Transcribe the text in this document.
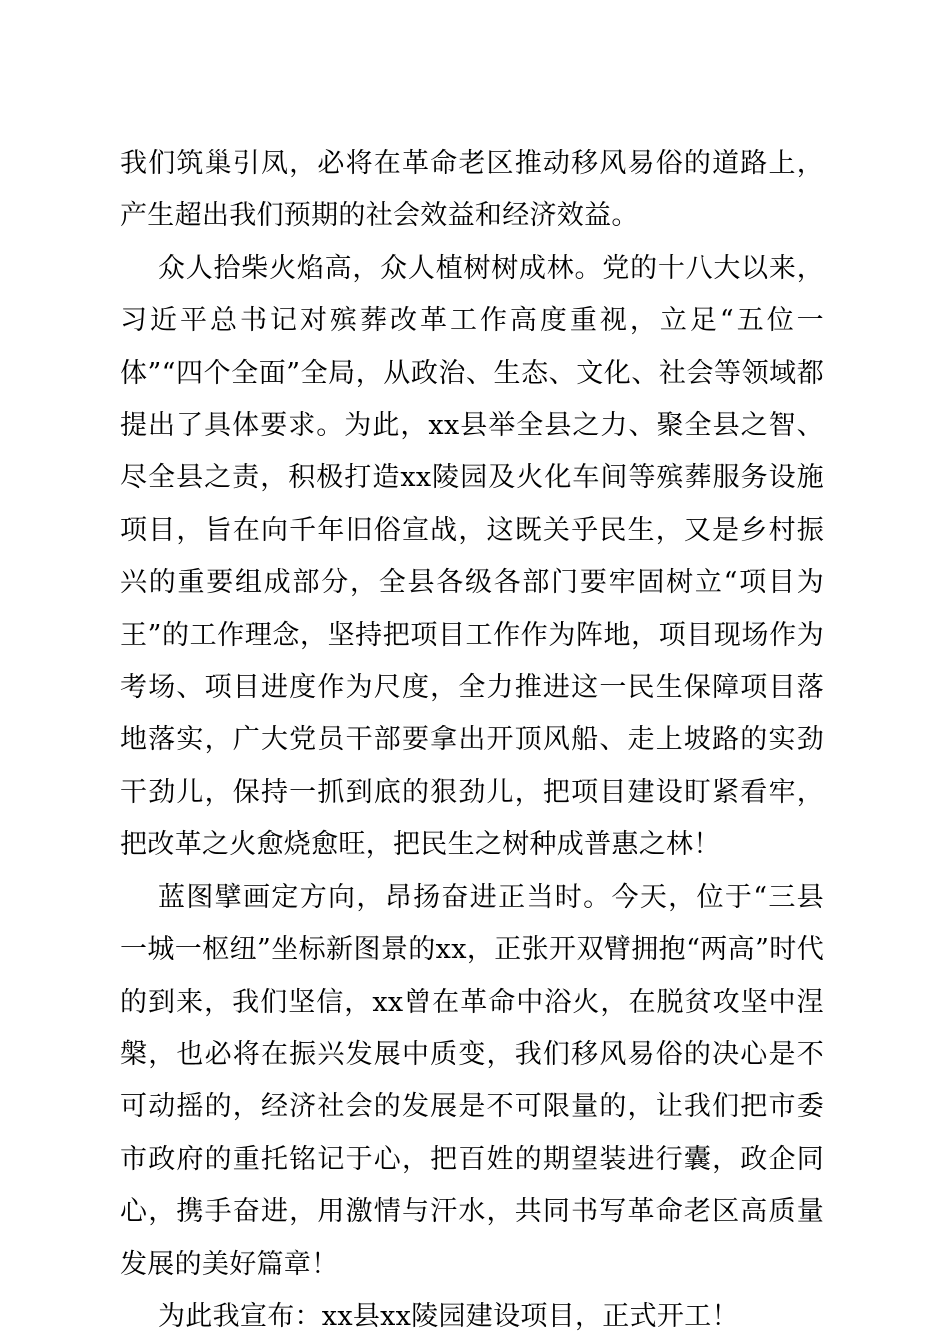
我们筑巢引凤，必将在革命老区推动移风易俗的道路上，产生超出我们预期的社会效益和经济效益。

众人拾柴火焰高，众人植树树成林。党的十八大以来，习近平总书记对殡葬改革工作高度重视，立足“五位一体”“四个全面”全局，从政治、生态、文化、社会等领域都提出了具体要求。为此，xx县举全县之力、聚全县之智、尽全县之责，积极打造xx陵园及火化车间等殡葬服务设施项目，旨在向千年旧俗宣战，这既关乎民生，又是乡村振兴的重要组成部分，全县各级各部门要牢固树立“项目为王”的工作理念，坚持把项目工作作为阵地，项目现场作为考场、项目进度作为尺度，全力推进这一民生保障项目落地落实，广大党员干部要拿出开顶风船、走上坡路的实劲干劲儿，保持一抓到底的狠劲儿，把项目建设盯紧看牢，把改革之火愈烧愈旺，把民生之树种成普惠之林！

蓝图擘画定方向，昂扬奋进正当时。今天，位于“三县一城一枢纽”坐标新图景的xx，正张开双臂拥抱“两高”时代的到来，我们坚信，xx曾在革命中浴火，在脱贫攻坚中涅槃，也必将在振兴发展中质变，我们移风易俗的决心是不可动摇的，经济社会的发展是不可限量的，让我们把市委市政府的重托铭记于心，把百姓的期望装进行囊，政企同心，携手奋进，用激情与汗水，共同书写革命老区高质量发展的美好篇章！

为此我宣布：xx县xx陵园建设项目，正式开工！
